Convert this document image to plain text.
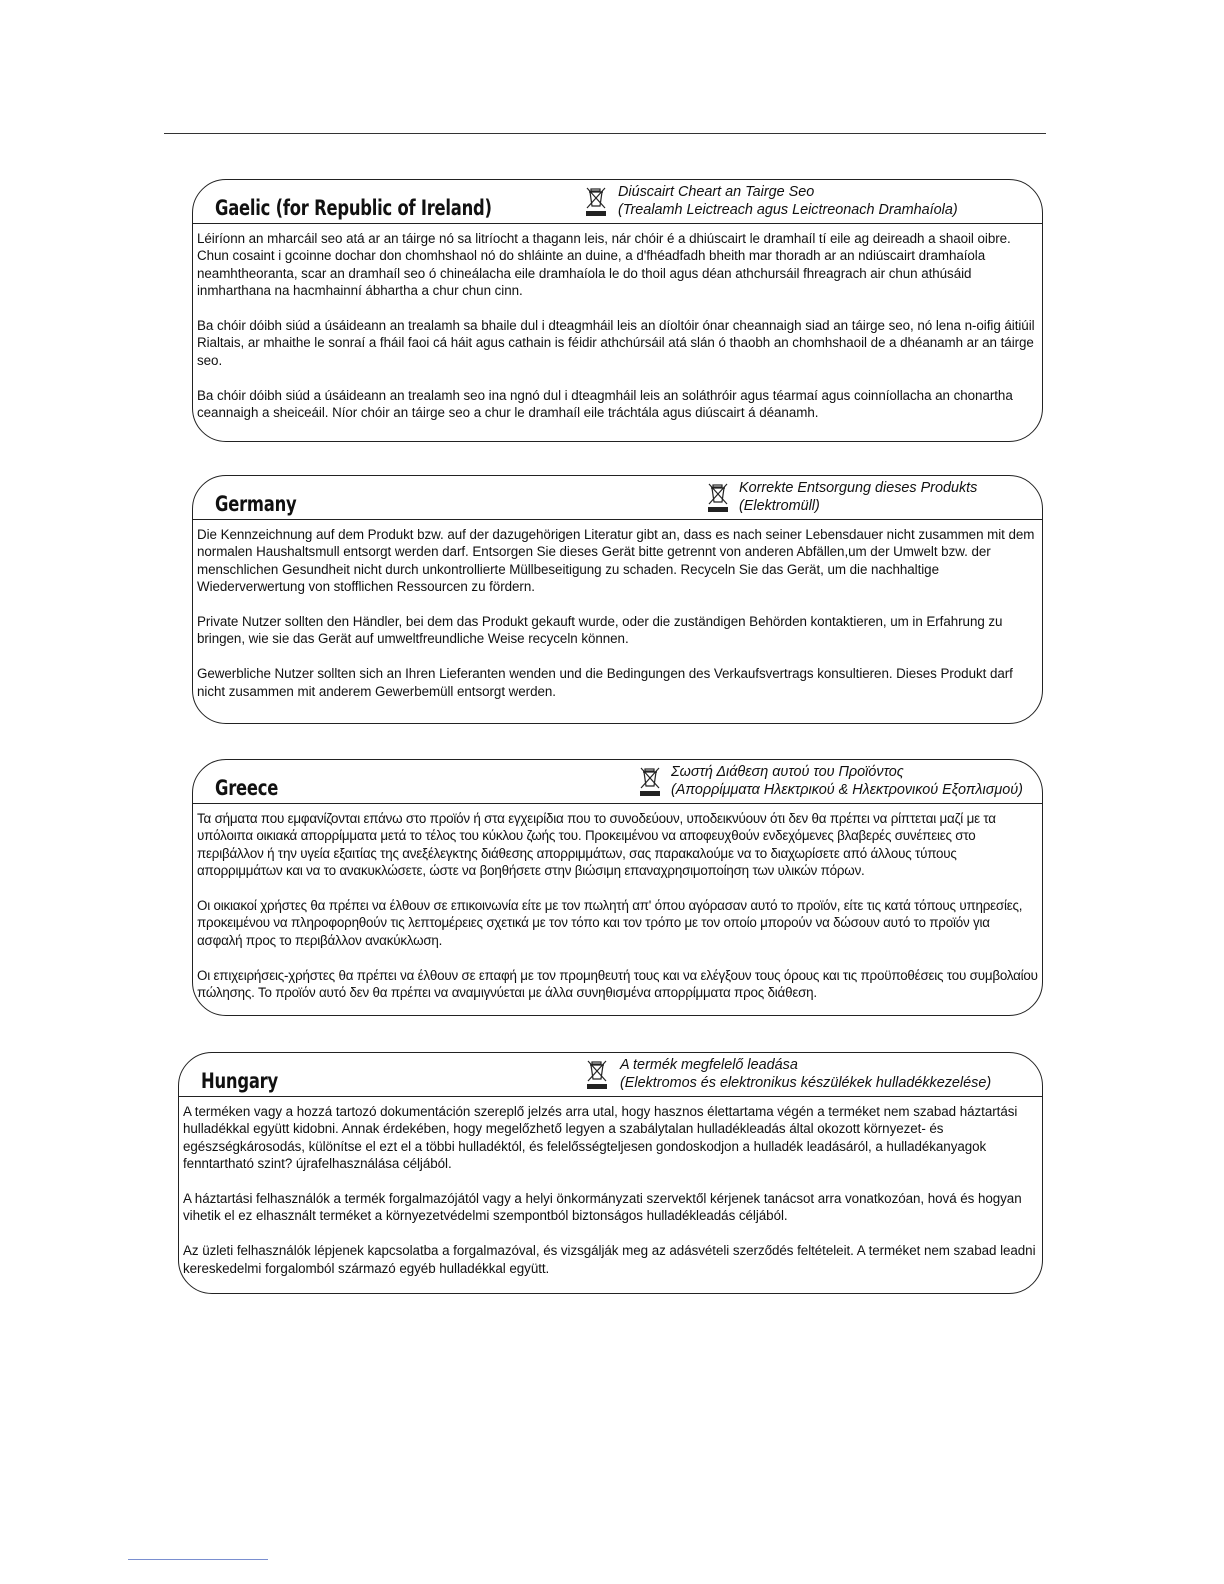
Gaelic (for Republic of Ireland)
Diúscairt Cheart an Tairge Seo
(Trealamh Leictreach agus Leictreonach Dramhaíola)

Léiríonn an mharcáil seo atá ar an táirge nó sa litríocht a thagann leis, nár chóir é a dhiúscairt le dramhaíl tí eile ag deireadh a shaoil oibre. Chun cosaint i gcoinne dochar don chomhshaol nó do shláinte an duine, a d'fhéadfadh bheith mar thoradh ar an ndiúscairt dramhaíola neamhtheoranta, scar an dramhaíl seo ó chineálacha eile dramhaíola le do thoil agus déan athchursáil fhreagrach air chun athúsáid inmharthana na hacmhainní ábhartha a chur chun cinn.

Ba chóir dóibh siúd a úsáideann an trealamh sa bhaile dul i dteagmháil leis an díoltóir ónar cheannaigh siad an táirge seo, nó lena n-oifig áitiúil Rialtais, ar mhaithe le sonraí a fháil faoi cá háit agus cathain is féidir athchúrsáil atá slán ó thaobh an chomhshaoil de a dhéanamh ar an táirge seo.

Ba chóir dóibh siúd a úsáideann an trealamh seo ina ngnó dul i dteagmháil leis an soláthróir agus téarmaí agus coinníollacha an chonartha ceannaigh a sheiceáil. Níor chóir an táirge seo a chur le dramhaíl eile tráchtála agus diúscairt á déanamh.

Germany
Korrekte Entsorgung dieses Produkts
(Elektromüll)

Die Kennzeichnung auf dem Produkt bzw. auf der dazugehörigen Literatur gibt an, dass es nach seiner Lebensdauer nicht zusammen mit dem normalen Haushaltsmull entsorgt werden darf. Entsorgen Sie dieses Gerät bitte getrennt von anderen Abfällen,um der Umwelt bzw. der menschlichen Gesundheit nicht durch unkontrollierte Müllbeseitigung zu schaden. Recyceln Sie das Gerät, um die nachhaltige Wiederverwertung von stofflichen Ressourcen zu fördern.

Private Nutzer sollten den Händler, bei dem das Produkt gekauft wurde, oder die zuständigen Behörden kontaktieren, um in Erfahrung zu bringen, wie sie das Gerät auf umweltfreundliche Weise recyceln können.

Gewerbliche Nutzer sollten sich an Ihren Lieferanten wenden und die Bedingungen des Verkaufsvertrags konsultieren. Dieses Produkt darf nicht zusammen mit anderem Gewerbemüll entsorgt werden.

Greece
Σωστή Διάθεση αυτού του Προϊόντος
(Απορρίμματα Ηλεκτρικού & Ηλεκτρονικού Εξοπλισμού)

Τα σήματα που εμφανίζονται επάνω στο προϊόν ή στα εγχειρίδια που το συνοδεύουν, υποδεικνύουν ότι δεν θα πρέπει να ρίπτεται μαζί με τα υπόλοιπα οικιακά απορρίμματα μετά το τέλος του κύκλου ζωής του. Προκειμένου να αποφευχθούν ενδεχόμενες βλαβερές συνέπειες στο περιβάλλον ή την υγεία εξαιτίας της ανεξέλεγκτης διάθεσης απορριμμάτων, σας παρακαλούμε να το διαχωρίσετε από άλλους τύπους απορριμμάτων και να το ανακυκλώσετε, ώστε να βοηθήσετε στην βιώσιμη επαναχρησιμοποίηση των υλικών πόρων.

Οι οικιακοί χρήστες θα πρέπει να έλθουν σε επικοινωνία είτε με τον πωλητή απ' όπου αγόρασαν αυτό το προϊόν, είτε τις κατά τόπους υπηρεσίες, προκειμένου να πληροφορηθούν τις λεπτομέρειες σχετικά με τον τόπο και τον τρόπο με τον οποίο μπορούν να δώσουν αυτό το προϊόν για ασφαλή προς το περιβάλλον ανακύκλωση.

Οι επιχειρήσεις-χρήστες θα πρέπει να έλθουν σε επαφή με τον προμηθευτή τους και να ελέγξουν τους όρους και τις προϋποθέσεις του συμβολαίου πώλησης. Το προϊόν αυτό δεν θα πρέπει να αναμιγνύεται με άλλα συνηθισμένα απορρίμματα προς διάθεση.

Hungary
A termék megfelelő leadása
(Elektromos és elektronikus készülékek hulladékkezelése)

A terméken vagy a hozzá tartozó dokumentáción szereplő jelzés arra utal, hogy hasznos élettartama végén a terméket nem szabad háztartási hulladékkal együtt kidobni. Annak érdekében, hogy megelőzhető legyen a szabálytalan hulladékleadás által okozott környezet- és egészségkárosodás, különítse el ezt el a többi hulladéktól, és felelősségteljesen gondoskodjon a hulladék leadásáról, a hulladékanyagok fenntartható szint? újrafelhasználása céljából.

A háztartási felhasználók a termék forgalmazójától vagy a helyi önkormányzati szervektől kérjenek tanácsot arra vonatkozóan, hová és hogyan vihetik el ez elhasznált terméket a környezetvédelmi szempontból biztonságos hulladékleadás céljából.

Az üzleti felhasználók lépjenek kapcsolatba a forgalmazóval, és vizsgálják meg az adásvételi szerződés feltételeit. A terméket nem szabad leadni kereskedelmi forgalomból származó egyéb hulladékkal együtt.
